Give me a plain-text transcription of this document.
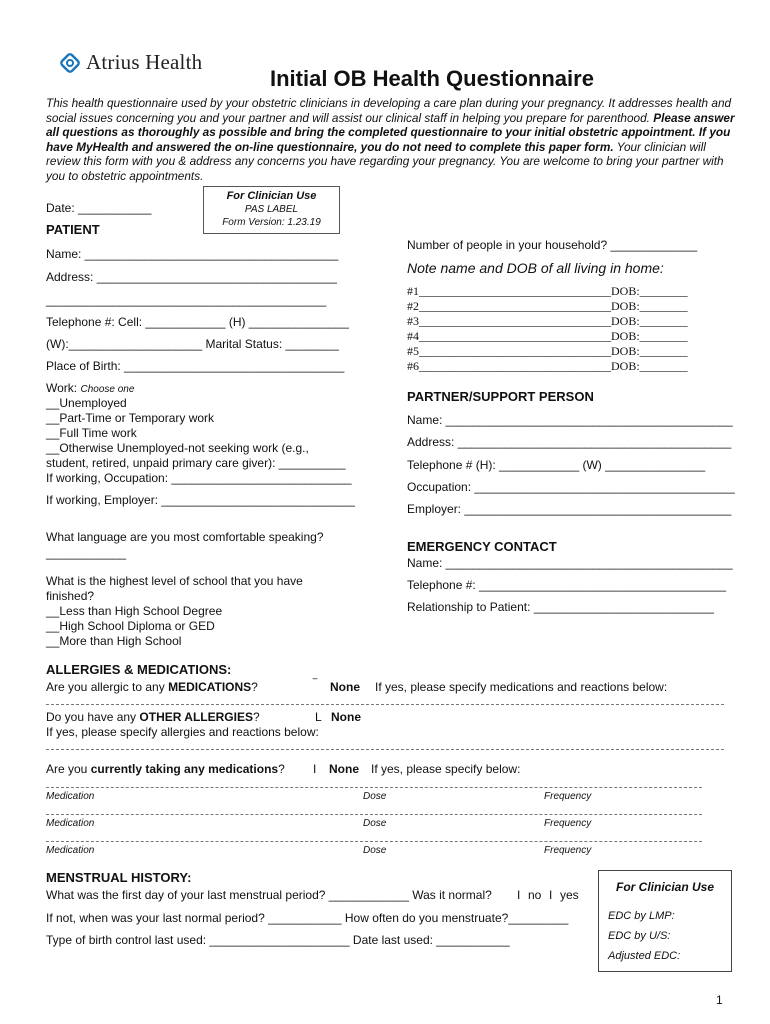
Atrius Health
Initial OB Health Questionnaire
This health questionnaire used by your obstetric clinicians in developing a care plan during your pregnancy. It addresses health and social issues concerning you and your partner and will assist our clinical staff in helping you prepare for parenthood. Please answer all questions as thoroughly as possible and bring the completed questionnaire to your initial obstetric appointment. If you have MyHealth and answered the on-line questionnaire, you do not need to complete this paper form. Your clinician will review this form with you & address any concerns you have regarding your pregnancy. You are welcome to bring your partner with you to obstetric appointments.
For Clinician Use
PAS LABEL
Form Version: 1.23.19
Date: ___________
PATIENT
Name: ______________________________________
Address: ____________________________________
__________________________________________
Telephone #: Cell: ____________ (H) _______________
(W):____________________ Marital Status: ________
Place of Birth: _________________________________
Work: Choose one
__Unemployed
__Part-Time or Temporary work
__Full Time work
__Otherwise Unemployed-not seeking work (e.g.,
student, retired, unpaid primary care giver): __________
If working, Occupation: ___________________________
If working, Employer: _____________________________
What language are you most comfortable speaking?
____________
What is the highest level of school that you have
finished?
__Less than High School Degree
__High School Diploma or GED
__More than High School
Number of people in your household? _____________
Note name and DOB of all living in home:
#1________________________________DOB:________
#2________________________________DOB:________
#3________________________________DOB:________
#4________________________________DOB:________
#5________________________________DOB:________
#6________________________________DOB:________
PARTNER/SUPPORT PERSON
Name: ___________________________________________
Address: _________________________________________
Telephone # (H): ____________ (W) _______________
Occupation: _______________________________________
Employer: ________________________________________
EMERGENCY CONTACT
Name: ___________________________________________
Telephone #: _____________________________________
Relationship to Patient: ___________________________
ALLERGIES & MEDICATIONS:
Are you allergic to any MEDICATIONS?	‾ None If yes, please specify medications and reactions below:
Do you have any OTHER ALLERGIES?	L None
If yes, please specify allergies and reactions below:
Are you currently taking any medications? I None If yes, please specify below:
Medication	Dose	Frequency
Medication	Dose	Frequency
Medication	Dose	Frequency
MENSTRUAL HISTORY:
What was the first day of your last menstrual period? ____________ Was it normal? I no I yes
If not, when was your last normal period? ___________ How often do you menstruate?_________
Type of birth control last used: _____________________ Date last used: ___________
For Clinician Use
EDC by LMP:
EDC by U/S:
Adjusted EDC:
1
